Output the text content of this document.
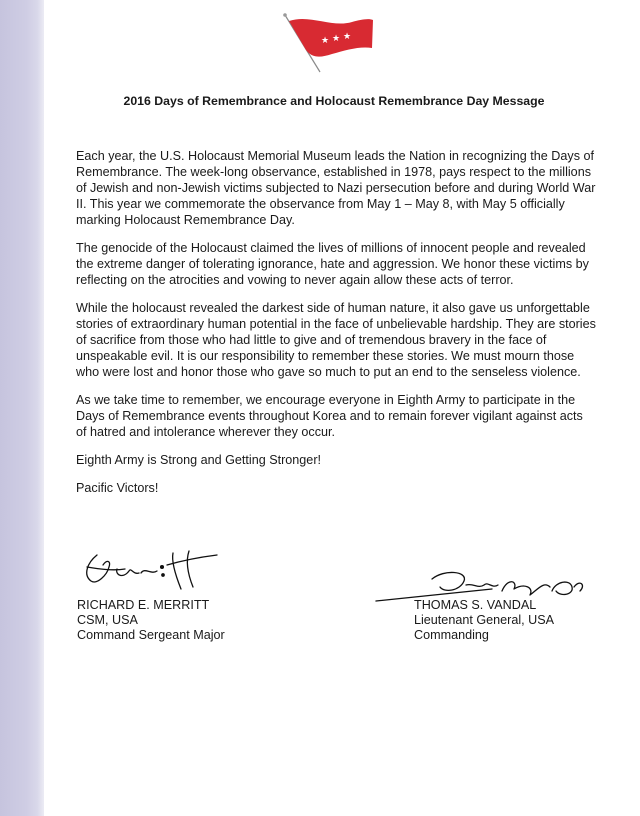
★ ★ ★
2016 Days of Remembrance and Holocaust Remembrance Day Message

Each year, the U.S. Holocaust Memorial Museum leads the Nation in recognizing the Days of Remembrance. The week-long observance, established in 1978, pays respect to the millions of Jewish and non-Jewish victims subjected to Nazi persecution before and during World War II. This year we commemorate the observance from May 1 – May 8, with May 5 officially marking Holocaust Remembrance Day.

The genocide of the Holocaust claimed the lives of millions of innocent people and revealed the extreme danger of tolerating ignorance, hate and aggression. We honor these victims by reflecting on the atrocities and vowing to never again allow these acts of terror.

While the holocaust revealed the darkest side of human nature, it also gave us unforgettable stories of extraordinary human potential in the face of unbelievable hardship. They are stories of sacrifice from those who had little to give and of tremendous bravery in the face of unspeakable evil. It is our responsibility to remember these stories. We must mourn those who were lost and honor those who gave so much to put an end to the senseless violence.

As we take time to remember, we encourage everyone in Eighth Army to participate in the Days of Remembrance events throughout Korea and to remain forever vigilant against acts of hatred and intolerance wherever they occur.

Eighth Army is Strong and Getting Stronger!

Pacific Victors!

RICHARD E. MERRITT
CSM, USA
Command Sergeant Major
THOMAS S. VANDAL
Lieutenant General, USA
Commanding
